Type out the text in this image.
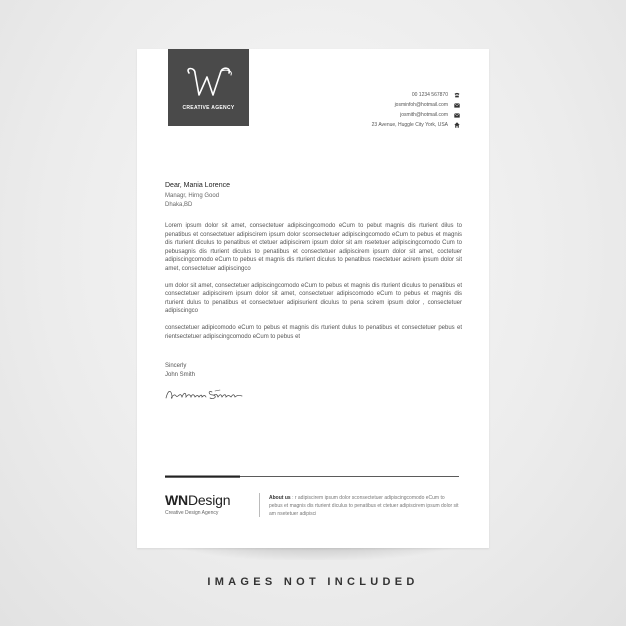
CREATIVE AGENCY
00 1234 567870
josminfoh@hotmail.com
josmith@hotmail.com
23 Avenue, Huggle City York, USA
Dear, Mania Lorence
Managr, Hirng Good
Dhaka,BD

Lorem ipsum dolor sit amet, consectetuer adipiscingcomodo eCum to pebut magnis dis rturient dilus to penatibus et consectetuer adipiscirem ipsum dolor sconsectetuer adipiscingcomodo eCum to pebus et magnis dis rturient diculus to penatibus et ctetuer adipiscirem ipsum dolor sit am nsetetuer adipiscingcomodo Cum to pebusagnis dis rturient diculus to penatibus et consectetuer adipiscirem ipsum dolor sit amet, coctetuer adipiscingcomodo eCum to pebus et magnis dis rturient diculus to penatibus nsectetuer acirem ipsum dolor sit amet, consectetuer adipiscingco

um dolor sit amet, consectetuer adipiscingcomodo eCum to pebus et magnis dis rturient diculus to penatibus et consectetuer adipiscirem ipsum dolor sit amet, consectetuer adipiscomodo eCum to pebus et magnis dis rturient dulus to penatibus et consectetuer adipisurient diculus to pena scirem ipsum dolor , consectetuer adipiscingco

consectetuer adipicomodo eCum to pebus et magnis dis rturient dulus to penatibus et consectetuer pebus et rientsectetuer adipiscingcomodo eCum to pebus et

Sincerly
John Smith
WNDesign
Creative Design Agency
About us : r adipiscirem ipsum dolor sconsectetuer adipiscingcomodo eCum to pebus et magnis dis rturient diculus to penatibus et ctetuer adipiscirem ipsum dolor sit am nsetetuer adipisci
IMAGES NOT INCLUDED
